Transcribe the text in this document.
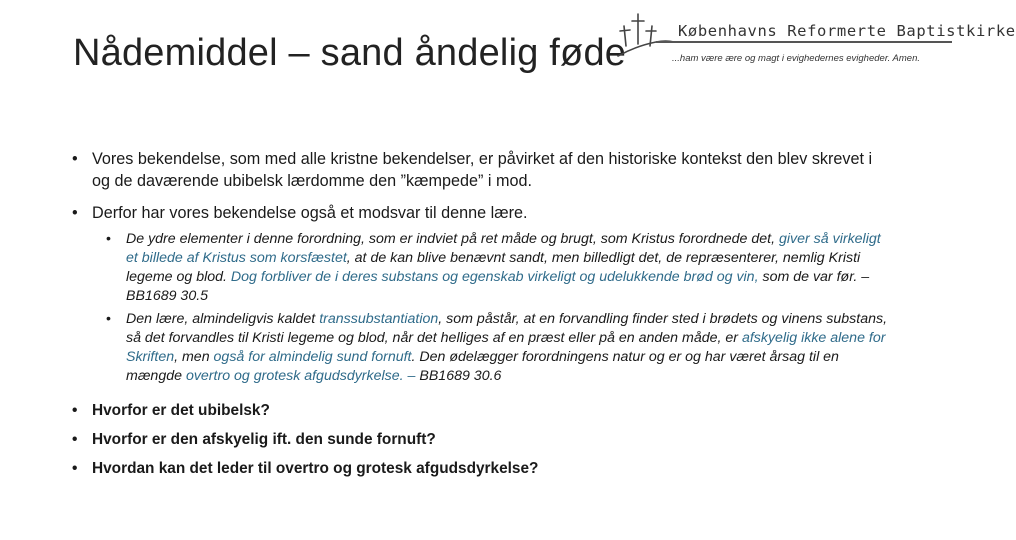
Nådemiddel – sand åndelig føde
Københavns Reformerte Baptistkirke
...ham være ære og magt i evighedernes evigheder. Amen.
• Vores bekendelse, som med alle kristne bekendelser, er påvirket af den historiske kontekst den blev skrevet i og de daværende ubibelsk lærdomme den ”kæmpede” i mod.
• Derfor har vores bekendelse også et modsvar til denne lære.
• De ydre elementer i denne forordning, som er indviet på ret måde og brugt, som Kristus forordnede det, giver så virkeligt et billede af Kristus som korsfæstet, at de kan blive benævnt sandt, men billedligt det, de repræsenterer, nemlig Kristi legeme og blod. Dog forbliver de i deres substans og egenskab virkeligt og udelukkende brød og vin, som de var før. – BB1689 30.5
• Den lære, almindeligvis kaldet transsubstantiation, som påstår, at en forvandling finder sted i brødets og vinens substans, så det forvandles til Kristi legeme og blod, når det helliges af en præst eller på en anden måde, er afskyelig ikke alene for Skriften, men også for almindelig sund fornuft. Den ødelægger forordningens natur og er og har været årsag til en mængde overtro og grotesk afgudsdyrkelse. – BB1689 30.6
• Hvorfor er det ubibelsk?
• Hvorfor er den afskyelig ift. den sunde fornuft?
• Hvordan kan det leder til overtro og grotesk afgudsdyrkelse?
